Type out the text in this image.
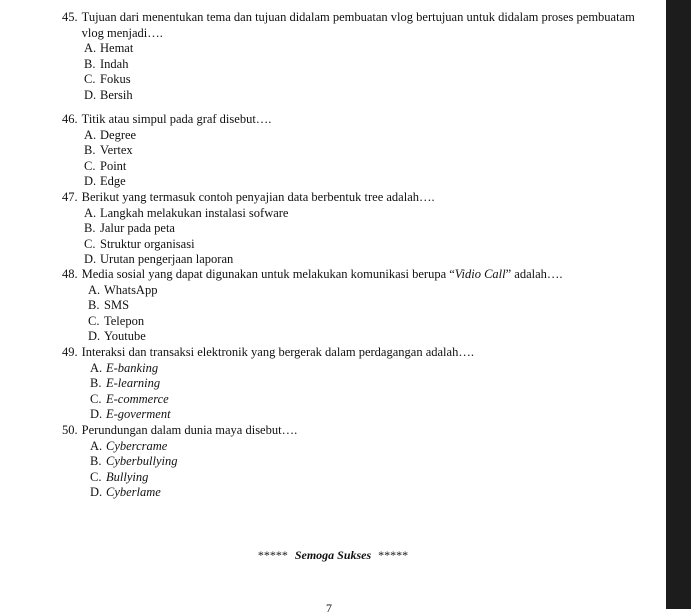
45. Tujuan dari menentukan tema dan tujuan didalam pembuatan vlog bertujuan untuk didalam proses pembuatam vlog menjadi….
A. Hemat
B. Indah
C. Fokus
D. Bersih
46. Titik atau simpul pada graf disebut….
A. Degree
B. Vertex
C. Point
D. Edge
47. Berikut yang termasuk contoh penyajian data berbentuk tree adalah….
A. Langkah melakukan instalasi sofware
B. Jalur pada peta
C. Struktur organisasi
D. Urutan pengerjaan laporan
48. Media sosial yang dapat digunakan untuk melakukan komunikasi berupa “Vidio Call” adalah….
A. WhatsApp
B. SMS
C. Telepon
D. Youtube
49. Interaksi dan transaksi elektronik yang bergerak dalam perdagangan adalah….
A. E-banking
B. E-learning
C. E-commerce
D. E-goverment
50. Perundungan dalam dunia maya disebut….
A. Cybercrame
B. Cyberbullying
C. Bullying
D. Cyberlame
***** Semoga Sukses *****
7
